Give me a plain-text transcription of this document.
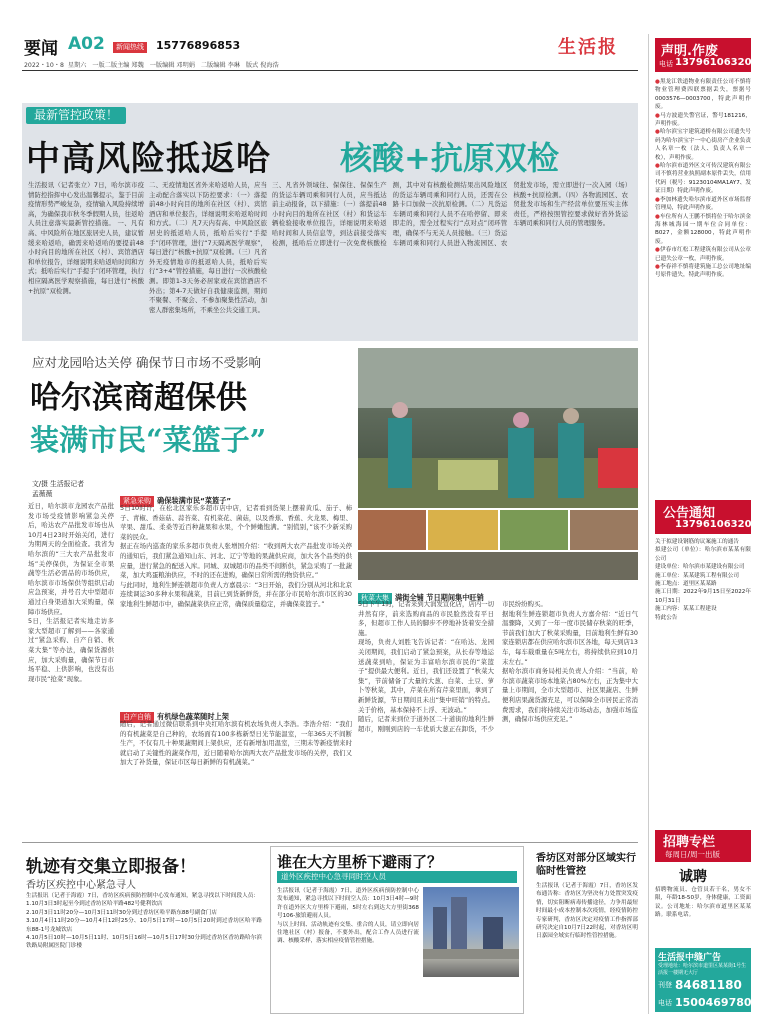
要闻 A02	新闻热线 15776896853	生活报
2022・10・8  星期六   一版二版主编 郑魏   一版编辑 邓明娟   二版编辑 李琳   版式 倪海浩
最新管控政策！
中高风险抵返哈 核酸+抗原双检
生活报讯（记者张立）7日，哈尔滨市疫情防控指挥中心发出温馨提示，鉴于目前疫情形势严峻复杂，疫情输入风险持续增高，为确保我市秋冬季假期人员，往返哈人员注意落实最新管控措施。 一、凡有高、中风险所在地区旅居史人员，建议暂缓来哈返哈，确需来哈返哈的要提前48小时向目的地所在社区（村）、宾馆酒店和单位报告，详细说明来哈返哈时间和方式；抵哈后实行“手提手”闭环管理，执行相应隔离医学观察措施，每日进行“核酸+抗原”双检测。
二、无疫情地区省外来哈返哈人员，应当主动配合落实以下防控要求：（一）落提前48小时向目的地所在社区（村）、宾馆酒店和单位报告，详细说明来哈返哈时间和方式。（二）凡7天内有高、中风险区旅居史的抵返哈人员，抵哈后实行“手提手”闭环管理，进行“7天隔离医学观察”，每日进行“核酸+抗原”双检测。（三）凡省外无疫情地市的抵返哈人员，抵哈后实行“3+4”管控措施，每日进行一次核酸检测。即第1-3天务必居家或在宾馆酒店不外出；第4-7天做好自我健康监测，期间不聚餐、不聚会、不参加聚集性活动，加密人群密集场所，不乘坐公共交通工具。
三、凡省外领域往、保保往、保保生产的货运车辆司乘和同行人员，应当抵达前主动报备，以下措施：（一）落提前48小时向目的地所在社区（村）和货运车辆检验接收单位报告，详细说明来哈返哈时间和人员信息等，到达前接受落实检测，抵哈后立即进行一次免费核酸检测，其中对有核酸检测结果出风险地区的货运车辆司乘和同行人员，还需在公路卡口加做一次抗原检测。（二）凡货运车辆司乘和同行人员不在哈停留、即来即走的，需全过程实行“点对点”闭环管理，确保不与无关人员接触。（三）货运车辆司乘和同行人员进入物流园区、农贸批发市场，需立即进行一次入园（场）核酸+抗原检测。（四）各物流园区、农贸批发市场和生产经营单位要压实主体责任，严格按照管控要求做好省外货运车辆司乘和同行人员的管理服务。
应对龙园哈达关停 确保节日市场不受影响
哈尔滨商超保供
装满市民“菜篮子”
文/摄 生活报记者
孟薇薇
近日，哈尔滨市龙园农产品批发市场受疫情影响紧急关停后，哈达农产品批发市场也从10月4日23时开始关闭，进行为期两天的全面检查。我省为哈尔滨的“三大农产品批发市场”关停保供，为保证全市果蔬等生活必需品的市场供应，哈尔滨市市场保供等组织启动应急预案，并号召大中型超市通过自身渠道加大采购量，保障市场供应。
5日，生活报记者实地走访多家大型超市了解到——各家通过“紧急采购、自产自销、秋菜大集”等办法，确保货源供应，加大采购量，确保节日市场平稳、上供影响，也没有出现市民“抢菜”现象。
紧急采购 确保装满市民“菜篮子”
5日10时许，在松北区家乐多超市店中店，记者看到货架上摆着黄瓜、茄子、柿子、青椒、香菇菇、蒜苔菜、有机菜花、菌菇，以及香蕉、香蕉、火龙果、梅里、苹果、甜瓜、柔桑等近百种蔬果和水果，个个鲜嫩饱满。“别慌别，”该不少新采购菜的民众。
据正在场内巡查的家乐多超市负责人张增国介绍：“收到两大农产品批发市场关停的通知后，我们紧急通知山东、河北、辽宁等地的果蔬供应商，加大各个品类的供应量，进行紧急的配送入库。同城、双城超市的品类不间断供，紧急采购了一批蔬菜，加大鸡蛋粮油供应，不时的还在进购，确保日常所需的物资供应。”
与此同时，地利生鲜连锁超市负责人方嘉晨示：“3日开始，我们分别从河北和北京连续调运30多种水果和蔬菜，目前已到货新鲜货，并在部分市民哈尔滨市区的30家地利生鲜超市中，确保蔬菜供应正常，确保质量稳定，并确保菜篮子。”
自产自销 有机绿色蔬菜随时上架
随后，记者通过微信联系到中央红哈尔滨有机农场负责人李浩。李浩介绍：“我们的有机蔬菜是自己种的，农场面有100多栋新型日光节能温室，一年365天不间断生产，不仅有几十种果蔬期间上架供应，还有新增加用温室，三期未等新疫情来时就启动了关键性的蔬菜作用，近日随着哈尔滨两大农产品批发市场的关停，我们又加大了补货量，保证市区每日新鲜的有机蔬菜。”
秋菜大集 满街全铺 节日期间集中旺销
5日下午1时，记者来到大润发宣化店，店内一切井然有序，前来选购商品的市民脸然没有平日多，但超市工作人员的脚步不停地补货着安全措施。
现场，负责人刘胜飞告诉记者：“在哈达、龙园关闭期间，我们启动了紧急预案，从长春等地运送蔬菜到哈，保证为丰富哈尔滨市民的“菜篮子”提供最大便利。近日，我们还设置了“秋菜大集”，节前储备了大量的大葱、白菜、土豆、萝卜等秋菜，其中，芹菜在所有芹菜里面，拿到了新鲜货源，节日期间且未出“集中旺销”的特点。关于价格，基本保持不上浮、无波动。”
随后，记者来到位于道外区二十道街的地利生鲜超市，刚刚到店的一车优质大葱正在卸货，不少市民纷纷购买。
据地利生鲜连锁超市负责人方嘉介绍：“近日气温骤降，又到了一年一度市民储存秋菜的旺季，节前我们加大了秋菜采购量，目前地利生鲜有30家连锁店都在供应哈尔滨市区各地，每天到店13车，每车载重量在5吨左右，将持续供应到10月末左右。”
据哈尔滨市商务局相关负责人介绍：“当前，哈尔滨市蔬菜市场本地菜占80%左右，正为集中大量上市期间，全市大型超市、社区果蔬店、生鲜便利店果蔬货源充足，可以保障全市居民正常消费需求，我们将持续关注市场动态，加强市场监测，确保市场供应充足。”
轨迹有交集立即报备！
香坊区疾控中心紧急寻人
生活报讯（记者于海霞）7日，香坊区疾病预防控制中心发布通知，紧急寻找以下时间段人员：
1.10月3日3时起至今到过香坊区哈平路482号健利饮店
2.10月3日11时20分—10月3日11时30分到过香坊区哈平路东88号副食门店
3.10月4日11时20分—10月4日12时25分、10月5日17时—10月5日20时到过香坊区哈平路东88-1号龙城饮店
4.10月5日10时—10月5日11时、10月5日16时—10月5日17时30分到过香坊区香坊路哈尔滨铁路局附属医院门诊楼
谁在大方里桥下避雨了？
道外区疾控中心急寻同时空人员
生活报讯（记者于海霞）7日，道外区疾病预防控制中心发布通知，紧急寻找以下时间空人员：10月3日4时—9时许在道外区大方里桥下避雨，5时左右到达大方里街368号106-旅馆避雨人员。
与以上时间、活动轨迹有交集、重合的人员，请立即向居住地社区（村）报备，不要外出，配合工作人员进行流调、核酸采样，落实相应疫情管控措施。
香坊区对部分区域实行临时性管控
生活报讯（记者于海霞）7日，香坊区发布通告称：香坊区为坚决有力处置突发疫情，切实阻断病毒传播途径，力争用最短时间最小成本控制本次疫情，经疫情防控专家研判，香坊区决定对疫情工作指挥部研究决定自10月7日22时起，对香坊区明日嘉园全域实行临时性管控措施。
声明.作废
电话 13796106320

●黑龙江铁道物业有限责任公司不慎将物业管理费四联票据丢失，票据号0003576—0003700，特此声明作废。

●马方波遗失警官证，警号181216，声明作废。

●哈尔滨宝宇建筑道桥有限公司遗失号码为哈尔滨宝宇一中心街房产企业负责人名章一枚（法人、负责人名章一枚），声明作废。

●哈尔滨市道外区文可传汉建筑有限公司不慎将营业执照副本原件丢失，信用代码（税号：91230104MA1AY7、发证日期）特此声明作废。

●李加林遗失哈尔滨市道外区市场监督管理局，特此声明作废。

●车位所有人王鹏不慎将位于哈尔滨金海林城海园一期车位合同单位：B027，金额128000，特此声明作废。

●伊春市红松工程建筑有限公司从公章已遗失公章一枚，声明作废。

●李春祥不慎将建筑施工总公司地址编号原件遗失，特此声明作废。

公告通知
13796106320
关于拟建设钢筋的议案施工的通告
拟建公司（单位）：哈尔滨市某某有限公司
建设单位：哈尔滨市某建设有限公司
施工单位：某某建筑工程有限公司
施工地点：道里区某某路
施工日期：2022年9月15日至2022年10月31日
施工内容：某某工程建设
特此公告
招聘专栏
每周日/周一出版
诚聘
招聘物流员、仓管员若干名，男女不限，年龄18-50岁，身体健康，工资面议。公司地址：哈尔滨市道里区某某路。联系电话。
生活报中缝广告
受理地址：哈尔滨市道里区某某街1号生活报一楼期无大厅
刊登 84681180
电话 15004697804
